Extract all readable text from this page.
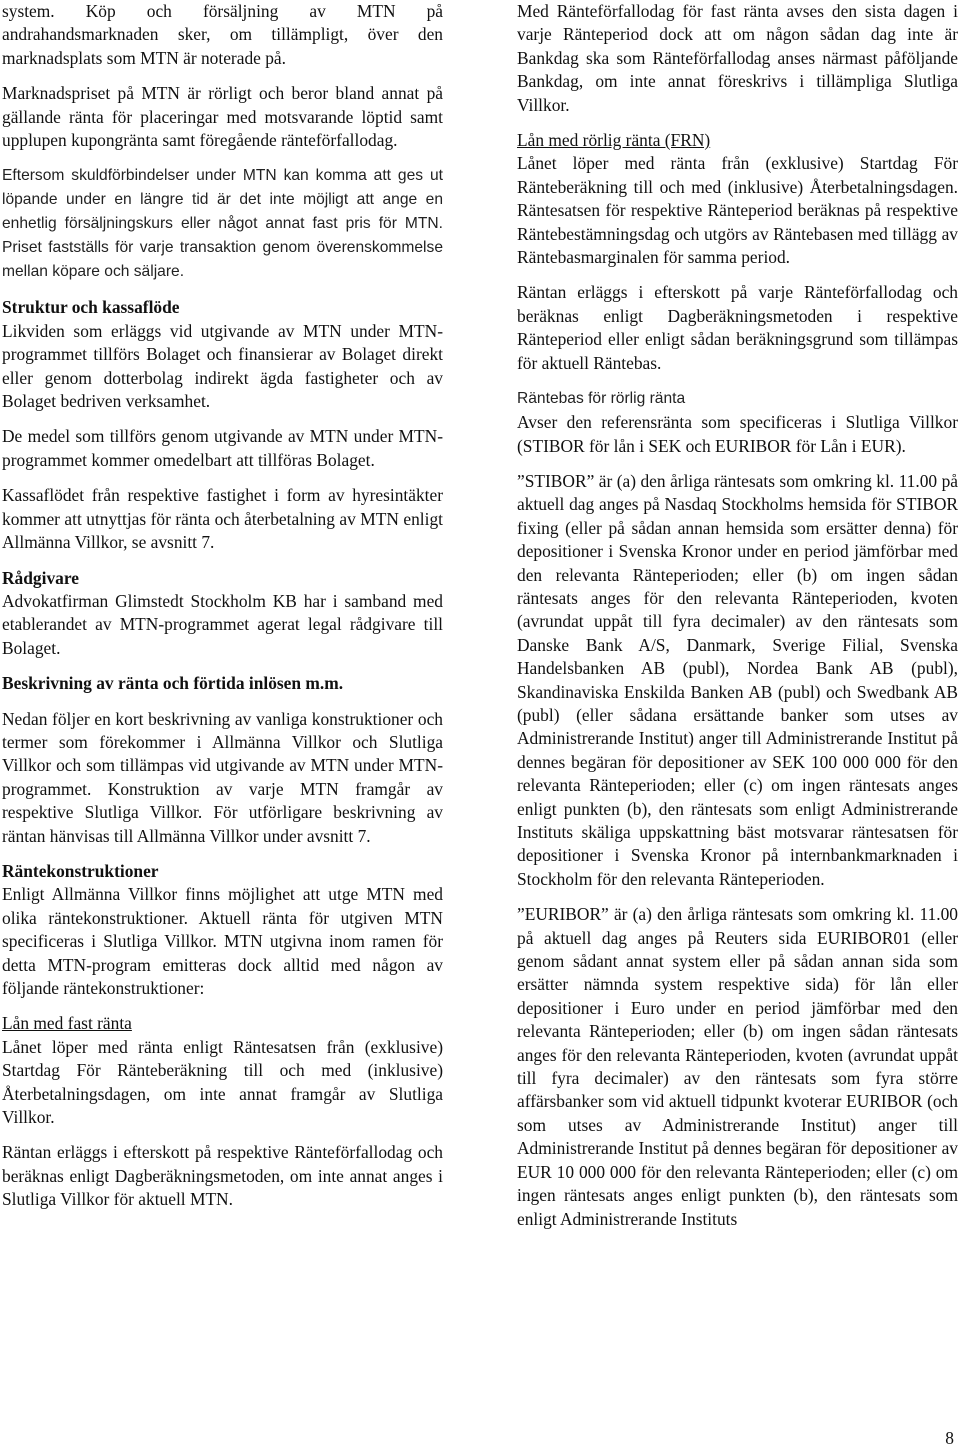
system. Köp och försäljning av MTN på andrahandsmarknaden sker, om tillämpligt, över den marknadsplats som MTN är noterade på.

Marknadspriset på MTN är rörligt och beror bland annat på gällande ränta för placeringar med motsvarande löptid samt upplupen kupongränta samt föregående ränteförfallodag.

Eftersom skuldförbindelser under MTN kan komma att ges ut löpande under en längre tid är det inte möjligt att ange en enhetlig försäljningskurs eller något annat fast pris för MTN. Priset fastställs för varje transaktion genom överenskommelse mellan köpare och säljare.

Struktur och kassaflöde
Likviden som erläggs vid utgivande av MTN under MTN-programmet tillförs Bolaget och finansierar av Bolaget direkt eller genom dotterbolag indirekt ägda fastigheter och av Bolaget bedriven verksamhet.

De medel som tillförs genom utgivande av MTN under MTN-programmet kommer omedelbart att tillföras Bolaget.

Kassaflödet från respektive fastighet i form av hyresintäkter kommer att utnyttjas för ränta och återbetalning av MTN enligt Allmänna Villkor, se avsnitt 7.

Rådgivare
Advokatfirman Glimstedt Stockholm KB har i samband med etablerandet av MTN-programmet agerat legal rådgivare till Bolaget.

Beskrivning av ränta och förtida inlösen m.m.

Nedan följer en kort beskrivning av vanliga konstruktioner och termer som förekommer i Allmänna Villkor och Slutliga Villkor och som tillämpas vid utgivande av MTN under MTN-programmet. Konstruktion av varje MTN framgår av respektive Slutliga Villkor. För utförligare beskrivning av räntan hänvisas till Allmänna Villkor under avsnitt 7.

Räntekonstruktioner
Enligt Allmänna Villkor finns möjlighet att utge MTN med olika räntekonstruktioner. Aktuell ränta för utgiven MTN specificeras i Slutliga Villkor. MTN utgivna inom ramen för detta MTN-program emitteras dock alltid med någon av följande räntekonstruktioner:

Lån med fast ränta
Lånet löper med ränta enligt Räntesatsen från (exklusive) Startdag För Ränteberäkning till och med (inklusive) Återbetalningsdagen, om inte annat framgår av Slutliga Villkor.

Räntan erläggs i efterskott på respektive Ränteförfallodag och beräknas enligt Dagberäkningsmetoden, om inte annat anges i Slutliga Villkor för aktuell MTN.

Med Ränteförfallodag för fast ränta avses den sista dagen i varje Ränteperiod dock att om någon sådan dag inte är Bankdag ska som Ränteförfallodag anses närmast påföljande Bankdag, om inte annat föreskrivs i tillämpliga Slutliga Villkor.

Lån med rörlig ränta (FRN)
Lånet löper med ränta från (exklusive) Startdag För Ränteberäkning till och med (inklusive) Återbetalningsdagen. Räntesatsen för respektive Ränteperiod beräknas på respektive Räntebestämningsdag och utgörs av Räntebasen med tillägg av Räntebasmarginalen för samma period.

Räntan erläggs i efterskott på varje Ränteförfallodag och beräknas enligt Dagberäkningsmetoden i respektive Ränteperiod eller enligt sådan beräkningsgrund som tillämpas för aktuell Räntebas.

Räntebas för rörlig ränta
Avser den referensränta som specificeras i Slutliga Villkor (STIBOR för lån i SEK och EURIBOR för Lån i EUR).

”STIBOR” är (a) den årliga räntesats som omkring kl. 11.00 på aktuell dag anges på Nasdaq Stockholms hemsida för STIBOR fixing (eller på sådan annan hemsida som ersätter denna) för depositioner i Svenska Kronor under en period jämförbar med den relevanta Ränteperioden; eller (b) om ingen sådan räntesats anges för den relevanta Ränteperioden, kvoten (avrundat uppåt till fyra decimaler) av den räntesats som Danske Bank A/S, Danmark, Sverige Filial, Svenska Handelsbanken AB (publ), Nordea Bank AB (publ), Skandinaviska Enskilda Banken AB (publ) och Swedbank AB (publ) (eller sådana ersättande banker som utses av Administrerande Institut) anger till Administrerande Institut på dennes begäran för depositioner av SEK 100 000 000 för den relevanta Ränteperioden; eller (c) om ingen räntesats anges enligt punkten (b), den räntesats som enligt Administrerande Instituts skäliga uppskattning bäst motsvarar räntesatsen för depositioner i Svenska Kronor på internbankmarknaden i Stockholm för den relevanta Ränteperioden.

”EURIBOR” är (a) den årliga räntesats som omkring kl. 11.00 på aktuell dag anges på Reuters sida EURIBOR01 (eller genom sådant annat system eller på sådan annan sida som ersätter nämnda system respektive sida) för lån eller depositioner i Euro under en period jämförbar med den relevanta Ränteperioden; eller (b) om ingen sådan räntesats anges för den relevanta Ränteperioden, kvoten (avrundat uppåt till fyra decimaler) av den räntesats som fyra större affärsbanker som vid aktuell tidpunkt kvoterar EURIBOR (och som utses av Administrerande Institut) anger till Administrerande Institut på dennes begäran för depositioner av EUR 10 000 000 för den relevanta Ränteperioden; eller (c) om ingen räntesats anges enligt punkten (b), den räntesats som enligt Administrerande Instituts

8
